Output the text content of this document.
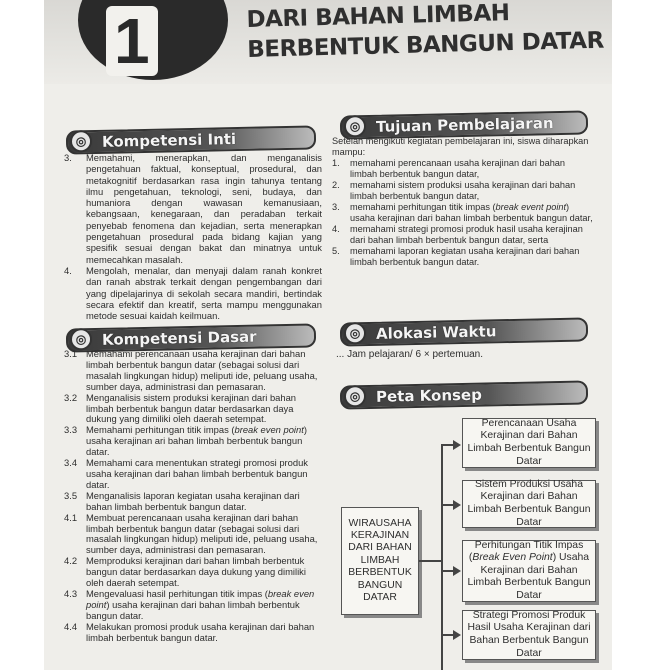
1	DARI BAHAN LIMBAH
BERBENTUK BANGUN DATAR
◎	Kompetensi Inti
3. Memahami, menerapkan, dan menganalisis pengetahuan faktual, konseptual, prosedural, dan metakognitif berdasarkan rasa ingin tahunya tentang ilmu pengetahuan, teknologi, seni, budaya, dan humaniora dengan wawasan kemanusiaan, kebangsaan, kenegaraan, dan peradaban terkait penyebab fenomena dan kejadian, serta menerapkan pengetahuan prosedural pada bidang kajian yang spesifik sesuai dengan bakat dan minatnya untuk memecahkan masalah.
4. Mengolah, menalar, dan menyaji dalam ranah konkret dan ranah abstrak terkait dengan pengembangan dari yang dipelajarinya di sekolah secara mandiri, bertindak secara efektif dan kreatif, serta mampu menggunakan metode sesuai kaidah keilmuan.
◎	Kompetensi Dasar
3.1 Memahami perencanaan usaha kerajinan dari bahan limbah berbentuk bangun datar (sebagai solusi dari masalah lingkungan hidup) meliputi ide, peluang usaha, sumber daya, administrasi dan pemasaran.
3.2 Menganalisis sistem produksi kerajinan dari bahan limbah berbentuk bangun datar berdasarkan daya dukung yang dimiliki oleh daerah setempat.
3.3 Memahami perhitungan titik impas (break even point) usaha kerajinan ari bahan limbah berbentuk bangun datar.
3.4 Memahami cara menentukan strategi promosi produk usaha kerajinan dari bahan limbah berbentuk bangun datar.
3.5 Menganalisis laporan kegiatan usaha kerajinan dari bahan limbah berbentuk bangun datar.
4.1 Membuat perencanaan usaha kerajinan dari bahan limbah berbentuk bangun datar (sebagai solusi dari masalah lingkungan hidup) meliputi ide, peluang usaha, sumber daya, administrasi dan pemasaran.
4.2 Memproduksi kerajinan dari bahan limbah berbentuk bangun datar berdasarkan daya dukung yang dimiliki oleh daerah setempat.
4.3 Mengevaluasi hasil perhitungan titik impas (break even point) usaha kerajinan dari bahan limbah berbentuk bangun datar.
4.4 Melakukan promosi produk usaha kerajinan dari bahan limbah berbentuk bangun datar.
◎	Tujuan Pembelajaran
Setelah mengikuti kegiatan pembelajaran ini, siswa diharapkan mampu:
1. memahami perencanaan usaha kerajinan dari bahan limbah berbentuk bangun datar,
2. memahami sistem produksi usaha kerajinan dari bahan limbah berbentuk bangun datar,
3. memahami perhitungan titik impas (break event point) usaha kerajinan dari bahan limbah berbentuk bangun datar,
4. memahami strategi promosi produk hasil usaha kerajinan dari bahan limbah berbentuk bangun datar, serta
5. memahami laporan kegiatan usaha kerajinan dari bahan limbah berbentuk bangun datar.
◎	Alokasi Waktu
... Jam pelajaran/ 6 × pertemuan.
◎	Peta Konsep
WIRAUSAHA KERAJINAN DARI BAHAN LIMBAH BERBENTUK BANGUN DATAR
Perencanaan Usaha Kerajinan dari Bahan Limbah Berbentuk Bangun Datar
Sistem Produksi Usaha Kerajinan dari Bahan Limbah Berbentuk Bangun Datar
Perhitungan Titik Impas (Break Even Point) Usaha Kerajinan dari Bahan Limbah Berbentuk Bangun Datar
Strategi Promosi Produk Hasil Usaha Kerajinan dari Bahan Berbentuk Bangun Datar
